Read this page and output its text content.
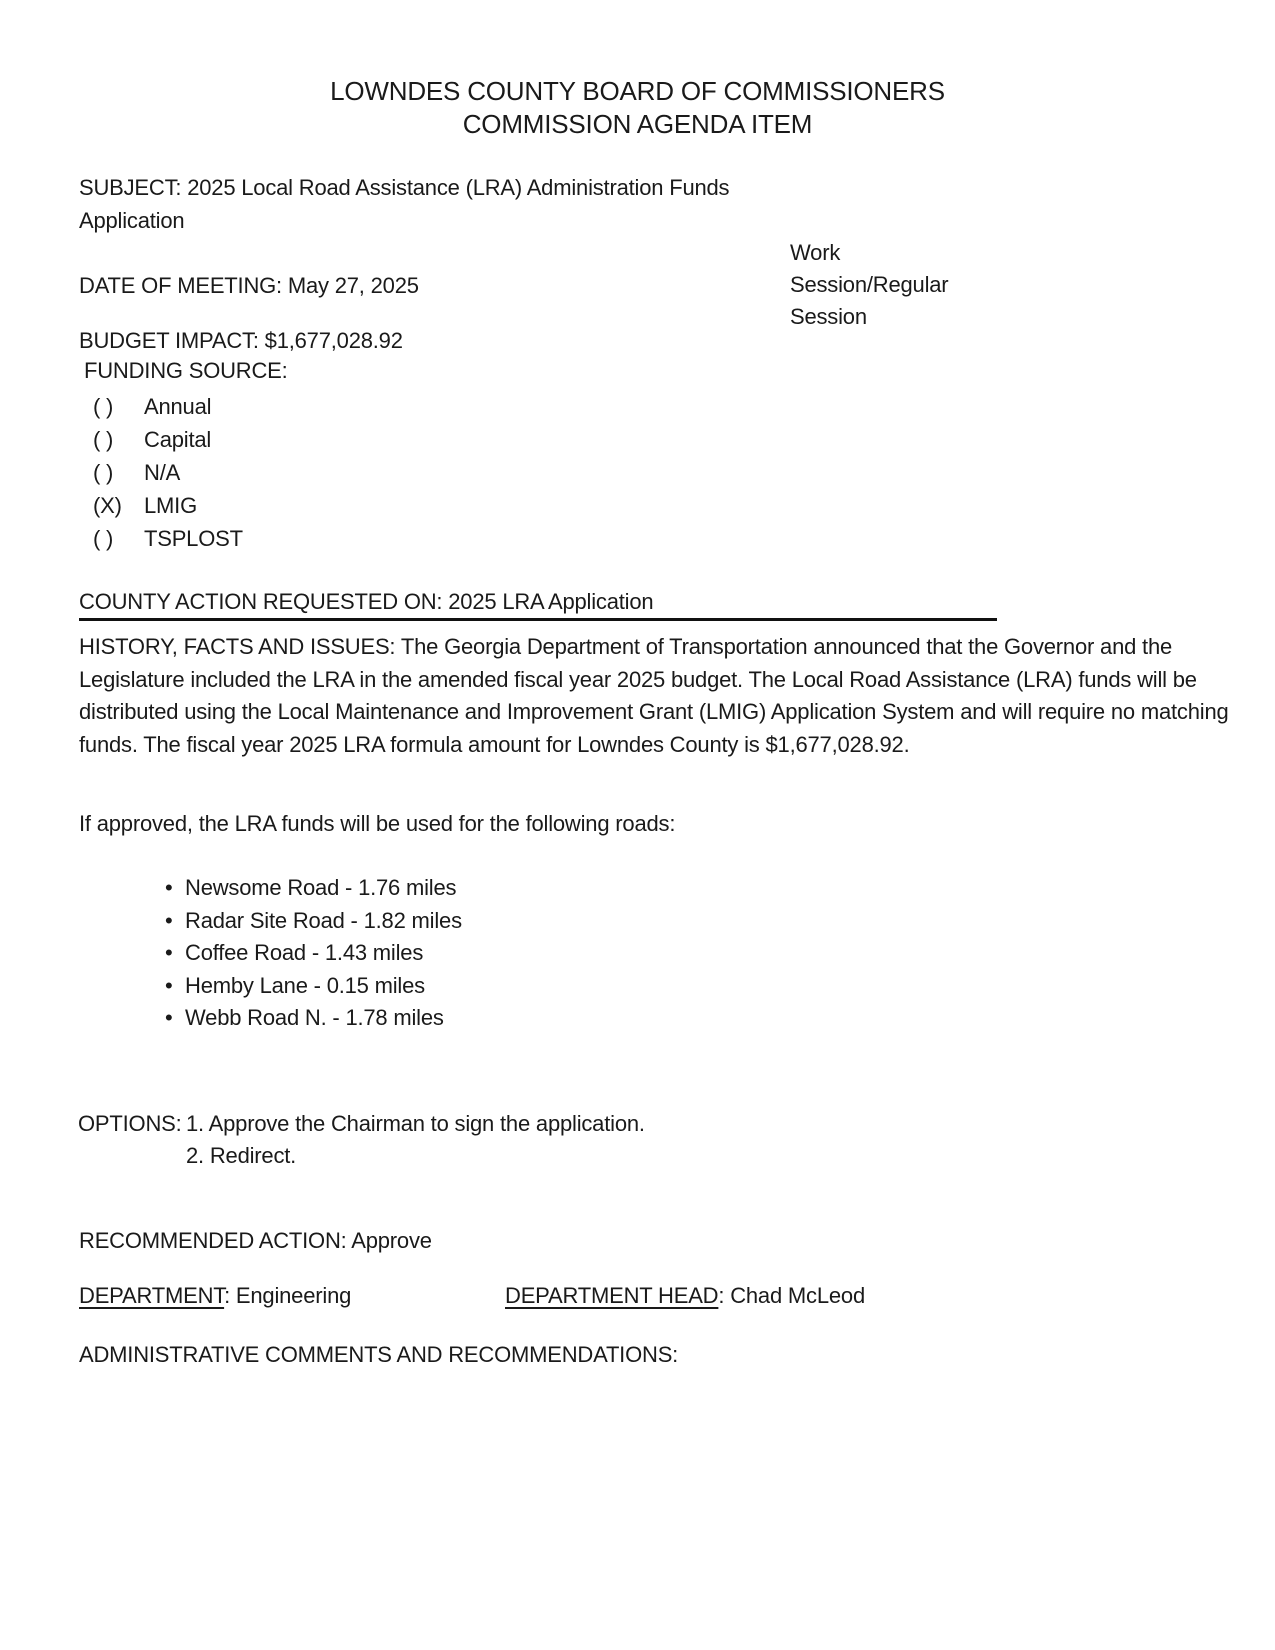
LOWNDES COUNTY BOARD OF COMMISSIONERS
COMMISSION AGENDA ITEM
SUBJECT: 2025 Local Road Assistance (LRA) Administration Funds Application
Work Session/Regular Session
DATE OF MEETING: May 27, 2025
BUDGET IMPACT: $1,677,028.92
FUNDING SOURCE:
( ) Annual
( ) Capital
( ) N/A
(X) LMIG
( ) TSPLOST
COUNTY ACTION REQUESTED ON: 2025 LRA Application
HISTORY, FACTS AND ISSUES: The Georgia Department of Transportation announced that the Governor and the Legislature included the LRA in the amended fiscal year 2025 budget. The Local Road Assistance (LRA) funds will be distributed using the Local Maintenance and Improvement Grant (LMIG) Application System and will require no matching funds. The fiscal year 2025 LRA formula amount for Lowndes County is $1,677,028.92.
If approved, the LRA funds will be used for the following roads:
• Newsome Road - 1.76 miles
• Radar Site Road - 1.82 miles
• Coffee Road - 1.43 miles
• Hemby Lane - 0.15 miles
• Webb Road N. - 1.78 miles
OPTIONS: 1. Approve the Chairman to sign the application.
2. Redirect.
RECOMMENDED ACTION: Approve
DEPARTMENT: Engineering	DEPARTMENT HEAD: Chad McLeod
ADMINISTRATIVE COMMENTS AND RECOMMENDATIONS:
